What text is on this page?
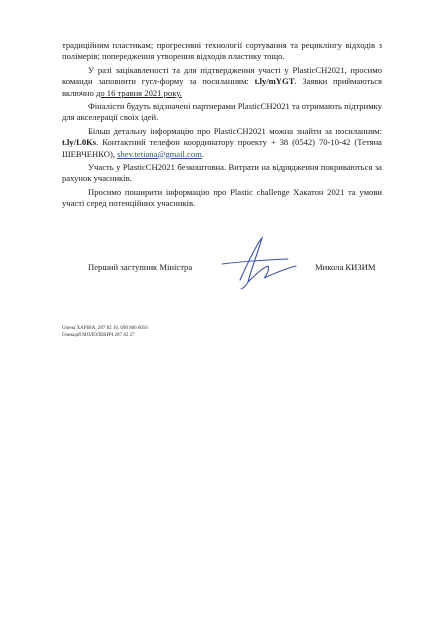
традиційним пластикам; прогресивні технології сортування та рециклінгу відходів з полімерів; попередження утворення відходів пластику тощо.

У разі зацікавленості та для підтвердження участі у PlasticCH2021, просимо команди заповнити гугл-форму за посиланням: t.ly/mYGT. Заявки приймаються включно до 16 травня 2021 року.

Фіналісти будуть відзначені партнерами PlasticCH2021 та отримають підтримку для акселерації своїх ідей.

Більш детальну інформацію про PlasticCH2021 можна знайти за посиланням: t.ly/L0Ks. Контактний телефон координатору проекту + 38 (0542) 70-10-42 (Тетяна ШЕВЧЕНКО), shev.tetiana@gmail.com.

Участь у PlasticCH2021 безкоштовна. Витрати на відрядження покриваються за рахунок учасників.

Просимо поширити інформацію про Plastic challenge Хакатон 2021 та умови участі серед потенційних учасників.

Перший заступник Міністра	Микола КИЗИМ
Олена ХАРІНА, 287 82 16, 098 866 6056
Геннадій МОЛОЛЕВИЧ 287 82 27
